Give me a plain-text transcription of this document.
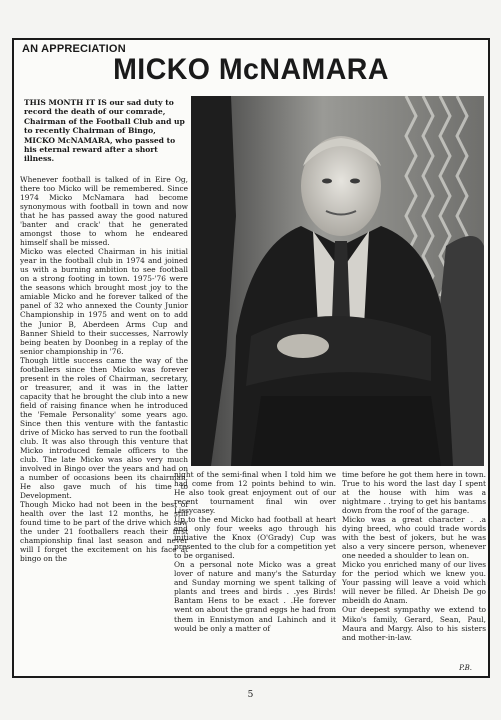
AN APPRECIATION
MICKO McNAMARA
THIS MONTH IT IS our sad duty to record the death of our comrade, Chairman of the Football Club and up to recently Chairman of Bingo, MICKO McNAMARA, who passed to his eternal reward after a short illness.

Whenever football is talked of in Eire Og, there too Micko will be remembered. Since 1974 Micko McNamara had become synonymous with football in town and now that he has passed away the good natured 'banter and crack' that he generated amongst those to whom he endeared himself shall be missed.

Micko was elected Chairman in his initial year in the football club in 1974 and joined us with a burning ambition to see football on a strong footing in town. 1975-'76 were the seasons which brought most joy to the amiable Micko and he forever talked of the panel of 32 who annexed the County Junior Championship in 1975 and went on to add the Junior B, Aberdeen Arms Cup and Banner Shield to their successes, Narrowly being beaten by Doonbeg in a replay of the senior championship in '76.

Though little success came the way of the footballers since then Micko was forever present in the roles of Chairman, secretary, or treasurer, and it was in the latter capacity that he brought the club into a new field of raising finance when he introduced the 'Female Personality' some years ago. Since then this venture with the fantastic drive of Micko has served to run the football club. It was also through this venture that Micko introduced female officers to the club. The late Micko was also very much involved in Bingo over the years and had on a number of occasions been its chairman. He also gave much of his time to Development.

Though Micko had not been in the best of health over the last 12 months, he still found time to be part of the drive which saw the under 21 footballers reach their first championship final last season and never will I forget the excitement on his face at bingo on the

night of the semi-final when I told him we had come from 12 points behind to win. He also took great enjoyment out of our recent tournament final win over Lissycasey.

Up to the end Micko had football at heart and only four weeks ago through his initiative the Knox (O'Grady) Cup was presented to the club for a competition yet to be organised.

On a personal note Micko was a great lover of nature and many's the Saturday and Sunday morning we spent talking of plants and trees and birds . .yes Birds! Bantam Hens to be exact . .He forever went on about the grand eggs he had from them in Ennistymon and Lahinch and it would be only a matter of

time before he got them here in town. True to his word the last day I spent at the house with him was a nightmare . .trying to get his bantams down from the roof of the garage.

Micko was a great character . .a dying breed, who could trade words with the best of jokers, but he was also a very sincere person, whenever one needed a shoulder to lean on.

Micko you enriched many of our lives for the period which we knew you. Your passing will leave a void which will never be filled. Ar Dheish De go mbeidh do Anam.

Our deepest sympathy we extend to Miko's family, Gerard, Sean, Paul, Maura and Margy. Also to his sisters and mother-in-law.

P.B.
5
